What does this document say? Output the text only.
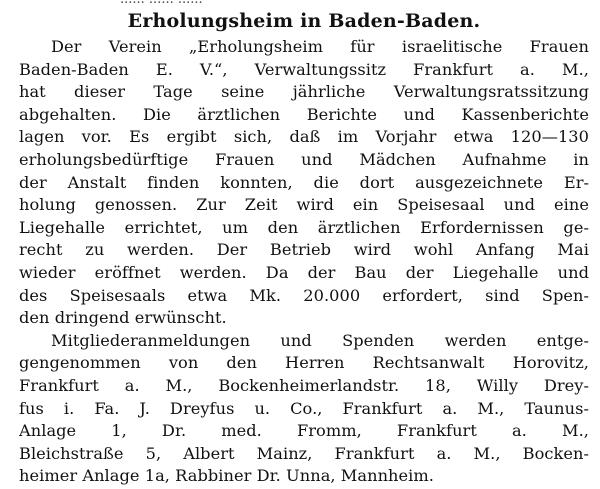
Erholungsheim in Baden-Baden.
Der Verein „Erholungsheim für israelitische Frauen
Baden-Baden E. V.“, Verwaltungssitz Frankfurt a. M.,
hat dieser Tage seine jährliche Verwaltungsratssitzung
abgehalten. Die ärztlichen Berichte und Kassenberichte
lagen vor. Es ergibt sich, daß im Vorjahr etwa 120—130
erholungsbedürftige Frauen und Mädchen Aufnahme in
der Anstalt finden konnten, die dort ausgezeichnete Er-
holung genossen. Zur Zeit wird ein Speisesaal und eine
Liegehalle errichtet, um den ärztlichen Erfordernissen ge-
recht zu werden. Der Betrieb wird wohl Anfang Mai
wieder eröffnet werden. Da der Bau der Liegehalle und
des Speisesaals etwa Mk. 20.000 erfordert, sind Spen-
den dringend erwünscht.
Mitgliederanmeldungen und Spenden werden entge-
gengenommen von den Herren Rechtsanwalt Horovitz,
Frankfurt a. M., Bockenheimerlandstr. 18, Willy Drey-
fus i. Fa. J. Dreyfus u. Co., Frankfurt a. M., Taunus-
Anlage 1, Dr. med. Fromm, Frankfurt a. M.,
Bleichstraße 5, Albert Mainz, Frankfurt a. M., Bocken-
heimer Anlage 1a, Rabbiner Dr. Unna, Mannheim.
